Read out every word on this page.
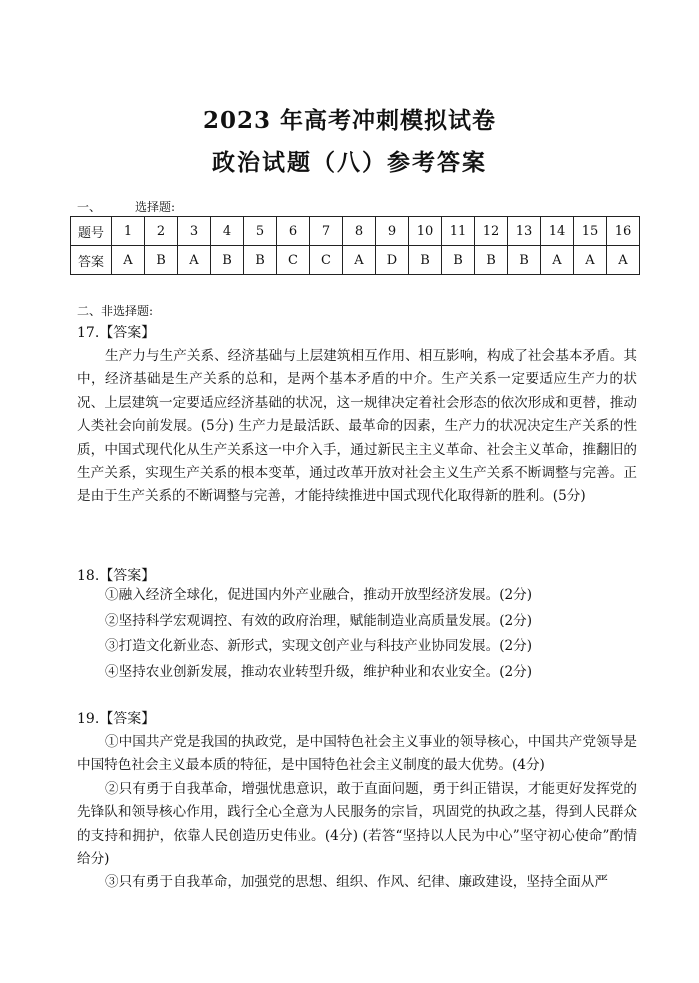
2023 年高考冲刺模拟试卷
政治试题（八）参考答案
一、	选择题:
题号	1	2	3	4	5	6	7	8	9	10	11	12	13	14	15	16
答案	A	B	A	B	B	C	C	A	D	B	B	B	B	A	A	A
二、非选择题:
17.【答案】

生产力与生产关系、经济基础与上层建筑相互作用、相互影响，构成了社会基本矛盾。其中，经济基础是生产关系的总和，是两个基本矛盾的中介。生产关系一定要适应生产力的状况、上层建筑一定要适应经济基础的状况，这一规律决定着社会形态的依次形成和更替，推动人类社会向前发展。(5分) 生产力是最活跃、最革命的因素，生产力的状况决定生产关系的性质，中国式现代化从生产关系这一中介入手，通过新民主主义革命、社会主义革命，推翻旧的生产关系，实现生产关系的根本变革，通过改革开放对社会主义生产关系不断调整与完善。正是由于生产关系的不断调整与完善，才能持续推进中国式现代化取得新的胜利。(5分)

18.【答案】
①融入经济全球化，促进国内外产业融合，推动开放型经济发展。(2分)
②坚持科学宏观调控、有效的政府治理，赋能制造业高质量发展。(2分)
③打造文化新业态、新形式，实现文创产业与科技产业协同发展。(2分)
④坚持农业创新发展，推动农业转型升级，维护种业和农业安全。(2分)
19.【答案】

①中国共产党是我国的执政党，是中国特色社会主义事业的领导核心，中国共产党领导是中国特色社会主义最本质的特征，是中国特色社会主义制度的最大优势。(4分)

②只有勇于自我革命，增强忧患意识，敢于直面问题，勇于纠正错误，才能更好发挥党的先锋队和领导核心作用，践行全心全意为人民服务的宗旨，巩固党的执政之基，得到人民群众的支持和拥护，依靠人民创造历史伟业。(4分) (若答“坚持以人民为中心”坚守初心使命”酌情给分)

③只有勇于自我革命，加强党的思想、组织、作风、纪律、廉政建设，坚持全面从严
